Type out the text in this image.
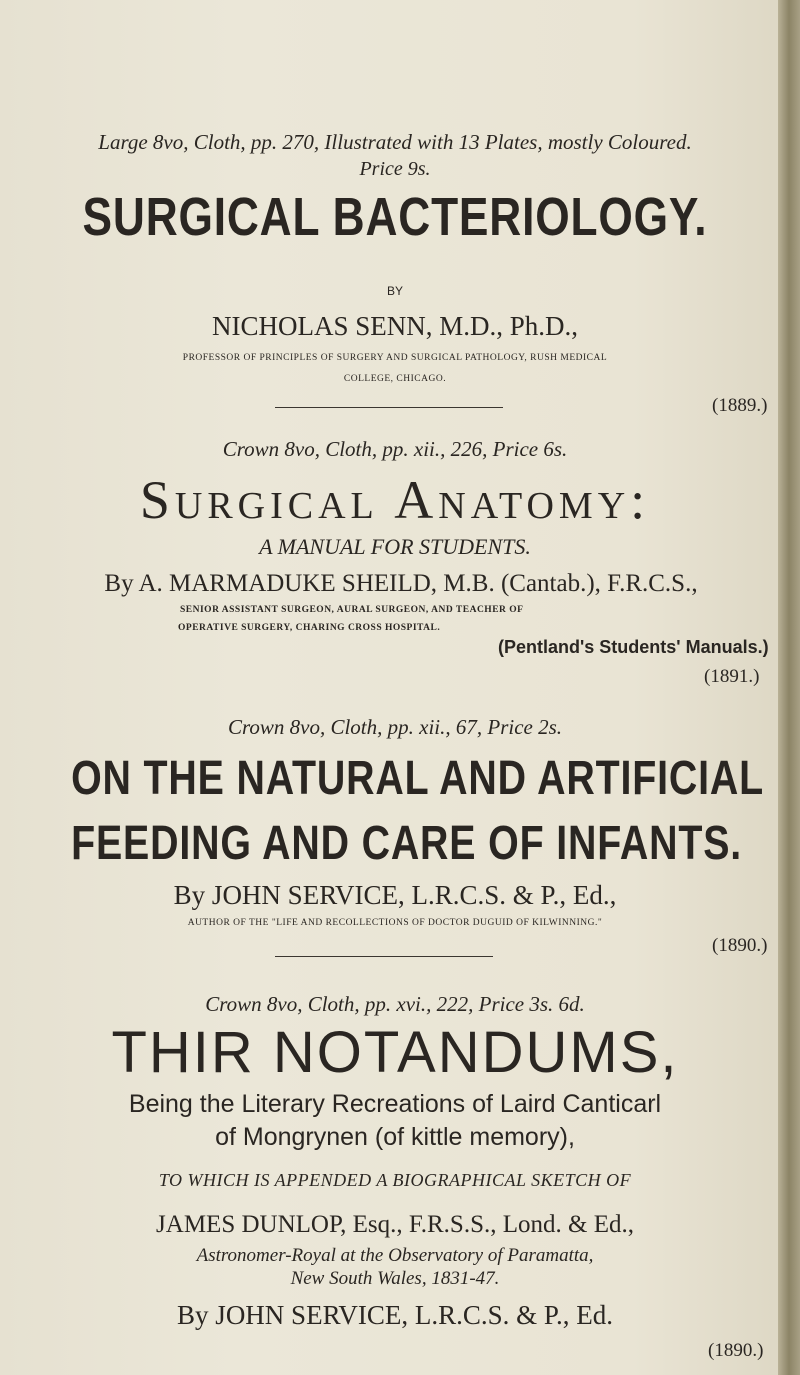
Large 8vo, Cloth, pp. 270, Illustrated with 13 Plates, mostly Coloured.
Price 9s.
SURGICAL BACTERIOLOGY.
BY
NICHOLAS SENN, M.D., Ph.D.,
PROFESSOR OF PRINCIPLES OF SURGERY AND SURGICAL PATHOLOGY, RUSH MEDICAL
COLLEGE, CHICAGO.
(1889.)
Crown 8vo, Cloth, pp. xii., 226, Price 6s.
Surgical Anatomy:
A MANUAL FOR STUDENTS.
By A. MARMADUKE SHEILD, M.B. (Cantab.), F.R.C.S.,
SENIOR ASSISTANT SURGEON, AURAL SURGEON, AND TEACHER OF
OPERATIVE SURGERY, CHARING CROSS HOSPITAL.
(Pentland's Students' Manuals.)
(1891.)
Crown 8vo, Cloth, pp. xii., 67, Price 2s.
ON THE NATURAL AND ARTIFICIAL
FEEDING AND CARE OF INFANTS.
By JOHN SERVICE, L.R.C.S. & P., Ed.,
AUTHOR OF THE "LIFE AND RECOLLECTIONS OF DOCTOR DUGUID OF KILWINNING."
(1890.)
Crown 8vo, Cloth, pp. xvi., 222, Price 3s. 6d.
THIR NOTANDUMS,
Being the Literary Recreations of Laird Canticarl
of Mongrynen (of kittle memory),
TO WHICH IS APPENDED A BIOGRAPHICAL SKETCH OF
JAMES DUNLOP, Esq., F.R.S.S., Lond. & Ed.,
Astronomer-Royal at the Observatory of Paramatta,
New South Wales, 1831-47.
By JOHN SERVICE, L.R.C.S. & P., Ed.
(1890.)
